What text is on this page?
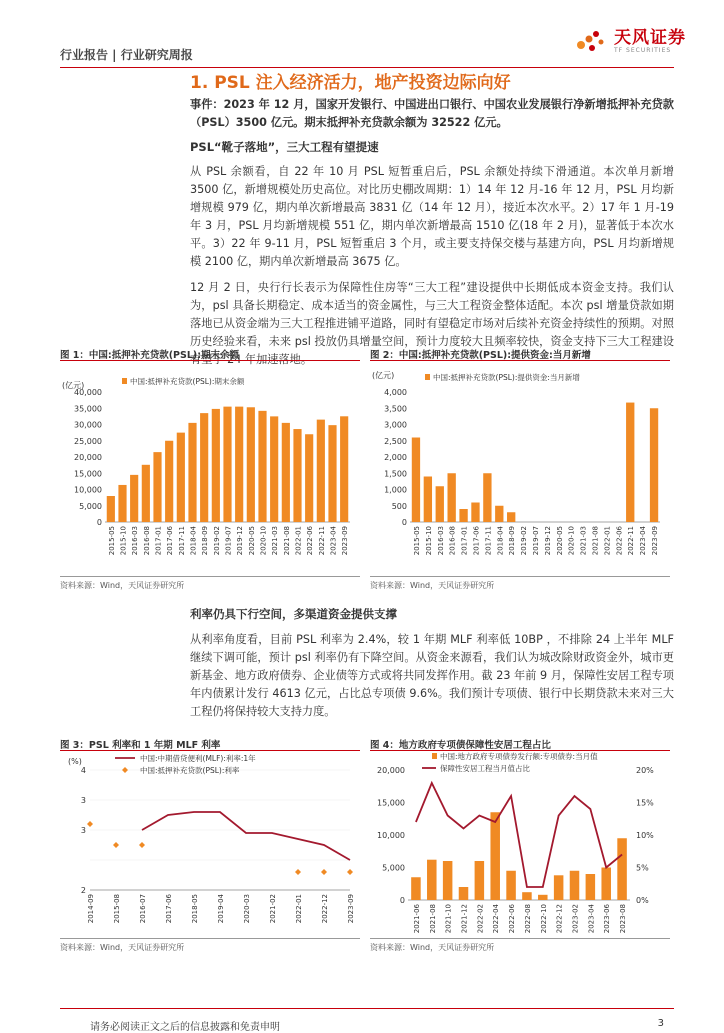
行业报告 | 行业研究周报
天风证券
TF SECURITIES
1. PSL 注入经济活力，地产投资边际向好
事件：2023 年 12 月，国家开发银行、中国进出口银行、中国农业发展银行净新增抵押补充贷款（PSL）3500 亿元。期末抵押补充贷款余额为 32522 亿元。
PSL“靴子落地”，三大工程有望提速
从 PSL 余额看，自 22 年 10 月 PSL 短暂重启后，PSL 余额处持续下滑通道。本次单月新增 3500 亿，新增规模处历史高位。对比历史棚改周期：1）14 年 12 月-16 年 12 月，PSL 月均新增规模 979 亿，期内单次新增最高 3831 亿（14 年 12 月），接近本次水平。2）17 年 1 月-19 年 3 月，PSL 月均新增规模 551 亿，期内单次新增最高 1510 亿(18 年 2 月)，显著低于本次水平。3）22 年 9-11 月，PSL 短暂重启 3 个月，或主要支持保交楼与基建方向，PSL 月均新增规模 2100 亿，期内单次新增最高 3675 亿。
12 月 2 日，央行行长表示为保障性住房等“三大工程”建设提供中长期低成本资金支持。我们认为，psl 具备长期稳定、成本适当的资金属性，与三大工程资金整体适配。本次 psl 增量贷款如期落地已从资金端为三大工程推进铺平道路，同时有望稳定市场对后续补充资金持续性的预期。对照历史经验来看，未来 psl 投放仍具增量空间，预计力度较大且频率较快，资金支持下三大工程建设有望于 24 年加速落地。
图 1：中国:抵押补充贷款(PSL):期末余额
(亿元)
0
5,000
10,000
15,000
20,000
25,000
30,000
35,000
40,000
2015-05 2015-10 2016-03 2016-08 2017-01 2017-06 2017-11 2018-04 2018-09 2019-02 2019-07 2019-12 2020-05 2020-10 2021-03 2021-08 2022-01 2022-06 2022-11 2023-04 2023-09
中国:抵押补充贷款(PSL):期末余额
资料来源：Wind，天风证券研究所
图 2：中国:抵押补充贷款(PSL):提供资金:当月新增
(亿元)
0
500
1,000
1,500
2,000
2,500
3,000
3,500
4,000
2015-05 2015-10 2016-03 2016-08 2017-01 2017-06 2017-11 2018-04 2018-09 2019-02 2019-07 2019-12 2020-05 2020-10 2021-03 2021-08 2022-01 2022-06 2022-11 2023-04 2023-09
中国:抵押补充贷款(PSL):提供资金:当月新增
资料来源：Wind，天风证券研究所
利率仍具下行空间，多渠道资金提供支撑
从利率角度看，目前 PSL 利率为 2.4%，较 1 年期 MLF 利率低 10BP ，不排除 24 上半年 MLF 继续下调可能，预计 psl 利率仍有下降空间。从资金来源看，我们认为城改除财政资金外，城市更新基金、地方政府债券、企业债等方式或将共同发挥作用。截 23 年前 9 月，保障性安居工程专项年内债累计发行 4613 亿元，占比总专项债 9.6%。我们预计专项债、银行中长期贷款未来对三大工程仍将保持较大支持力度。
图 3：PSL 利率和 1 年期 MLF 利率
(%)
2
3
3
4
2014-09	2015-08	2016-07	2017-06	2018-05	2019-04	2020-03	2021-02	2022-01	2022-12	2023-09
中国:中期借贷便利(MLF):利率:1年
中国:抵押补充贷款(PSL):利率
资料来源：Wind，天风证券研究所
图 4：地方政府专项债保障性安居工程占比
0
5,000
10,000
15,000
20,000
0%
5%
10%
15%
20%
2021-06 2021-08 2021-10 2021-12 2022-02 2022-04 2022-06 2022-08 2022-10 2022-12 2023-02 2023-04 2023-06 2023-08
中国:地方政府专项债券发行额:专项债券:当月值
保障性安居工程当月值占比
资料来源：Wind，天风证券研究所
请务必阅读正文之后的信息披露和免责申明	3
